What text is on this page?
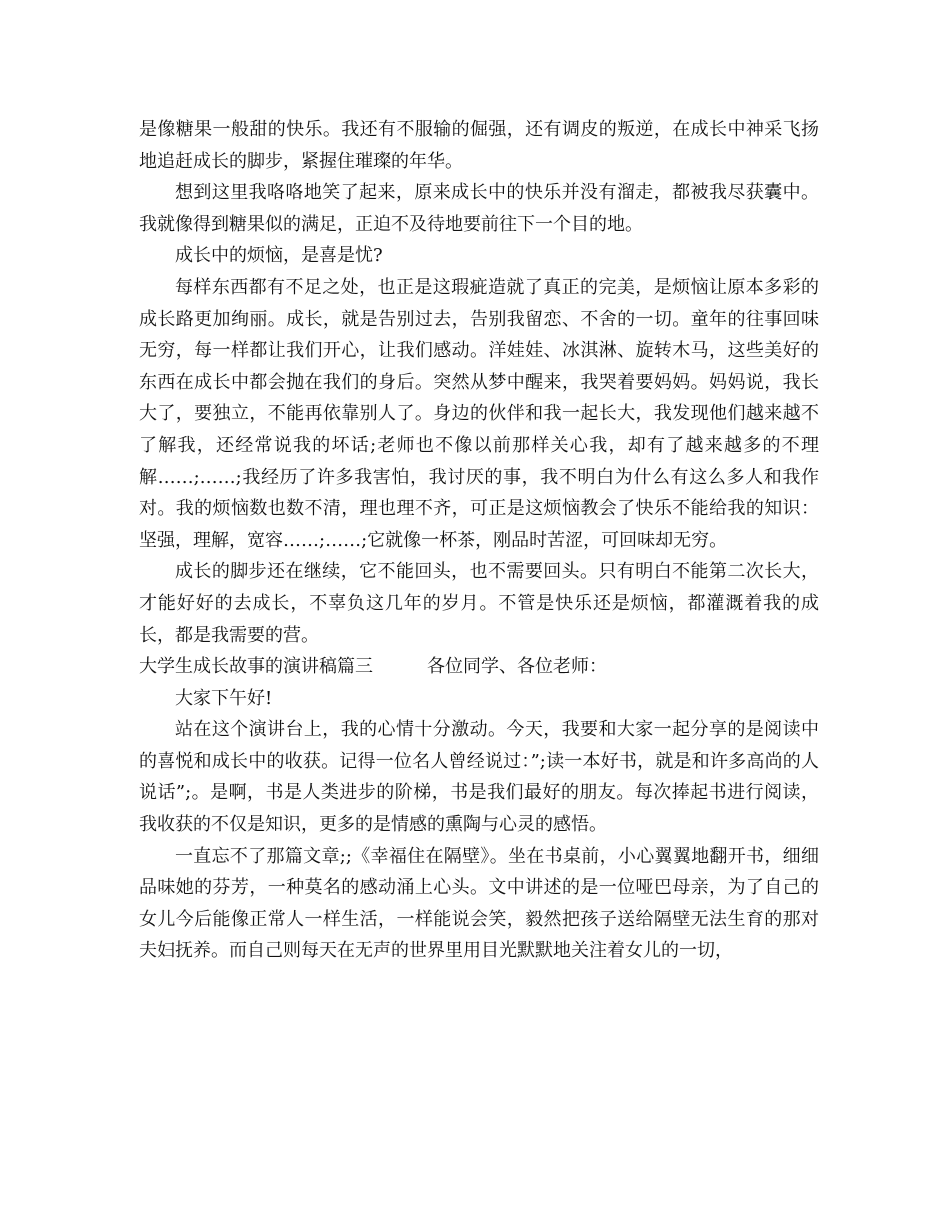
是像糖果一般甜的快乐。我还有不服输的倔强，还有调皮的叛逆，在成长中神采飞扬地追赶成长的脚步，紧握住璀璨的年华。

想到这里我咯咯地笑了起来，原来成长中的快乐并没有溜走，都被我尽获囊中。我就像得到糖果似的满足，正迫不及待地要前往下一个目的地。

成长中的烦恼，是喜是忧?

每样东西都有不足之处，也正是这瑕疵造就了真正的完美，是烦恼让原本多彩的成长路更加绚丽。成长，就是告别过去，告别我留恋、不舍的一切。童年的往事回味无穷，每一样都让我们开心，让我们感动。洋娃娃、冰淇淋、旋转木马，这些美好的东西在成长中都会抛在我们的身后。突然从梦中醒来，我哭着要妈妈。妈妈说，我长大了，要独立，不能再依靠别人了。身边的伙伴和我一起长大，我发现他们越来越不了解我，还经常说我的坏话;老师也不像以前那样关心我，却有了越来越多的不理解……;……;我经历了许多我害怕，我讨厌的事，我不明白为什么有这么多人和我作对。我的烦恼数也数不清，理也理不齐，可正是这烦恼教会了快乐不能给我的知识：坚强，理解，宽容……;……;它就像一杯茶，刚品时苦涩，可回味却无穷。

成长的脚步还在继续，它不能回头，也不需要回头。只有明白不能第二次长大，才能好好的去成长，不辜负这几年的岁月。不管是快乐还是烦恼，都灌溉着我的成长，都是我需要的营。

大学生成长故事的演讲稿篇三　　　各位同学、各位老师：

大家下午好!

站在这个演讲台上，我的心情十分激动。今天，我要和大家一起分享的是阅读中的喜悦和成长中的收获。记得一位名人曾经说过：”;读一本好书，就是和许多高尚的人说话”;。是啊，书是人类进步的阶梯，书是我们最好的朋友。每次捧起书进行阅读，我收获的不仅是知识，更多的是情感的熏陶与心灵的感悟。

一直忘不了那篇文章;;《幸福住在隔壁》。坐在书桌前，小心翼翼地翻开书，细细品味她的芬芳，一种莫名的感动涌上心头。文中讲述的是一位哑巴母亲，为了自己的女儿今后能像正常人一样生活，一样能说会笑，毅然把孩子送给隔壁无法生育的那对夫妇抚养。而自己则每天在无声的世界里用目光默默地关注着女儿的一切，
